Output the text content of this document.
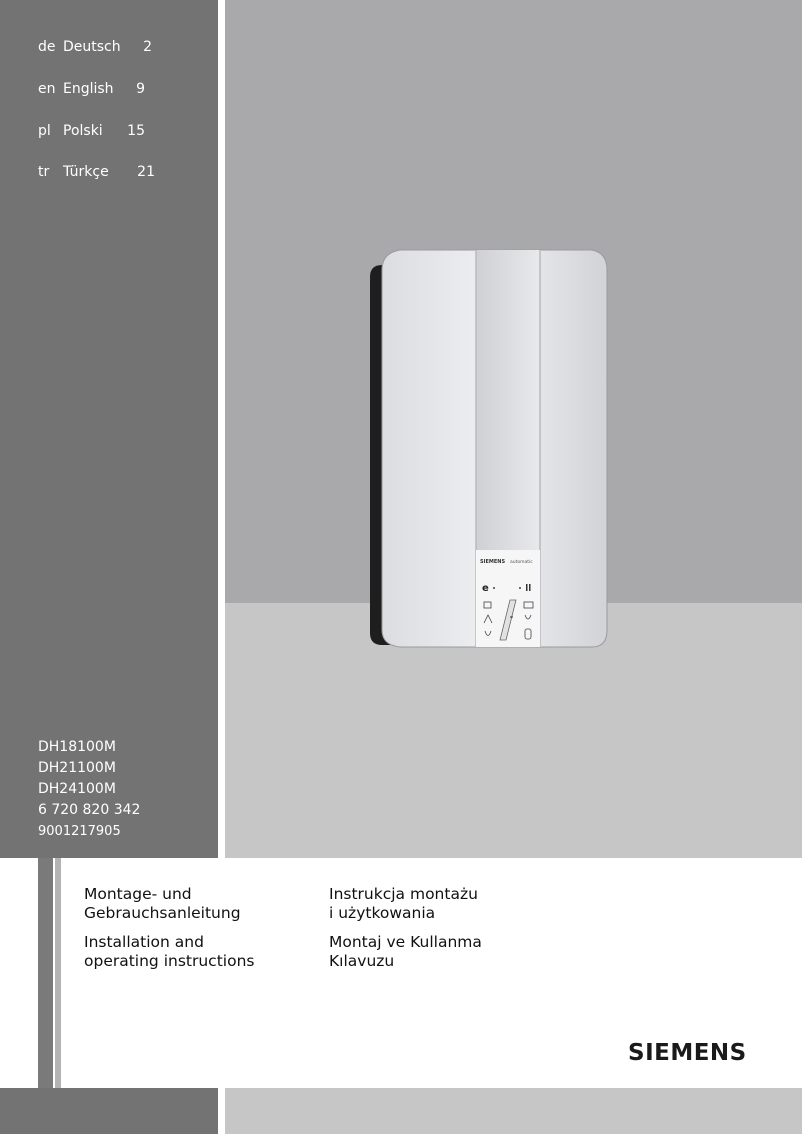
de Deutsch	2
en English	9
pl Polski	15
tr Türkçe	21
DH18100M
DH21100M
DH24100M
6 720 820 342
9001217905
SIEMENS automatic
e
Montage- und
Gebrauchsanleitung
Installation and
operating instructions
Instrukcja montażu
i użytkowania
Montaj ve Kullanma
Kılavuzu
SIEMENS
